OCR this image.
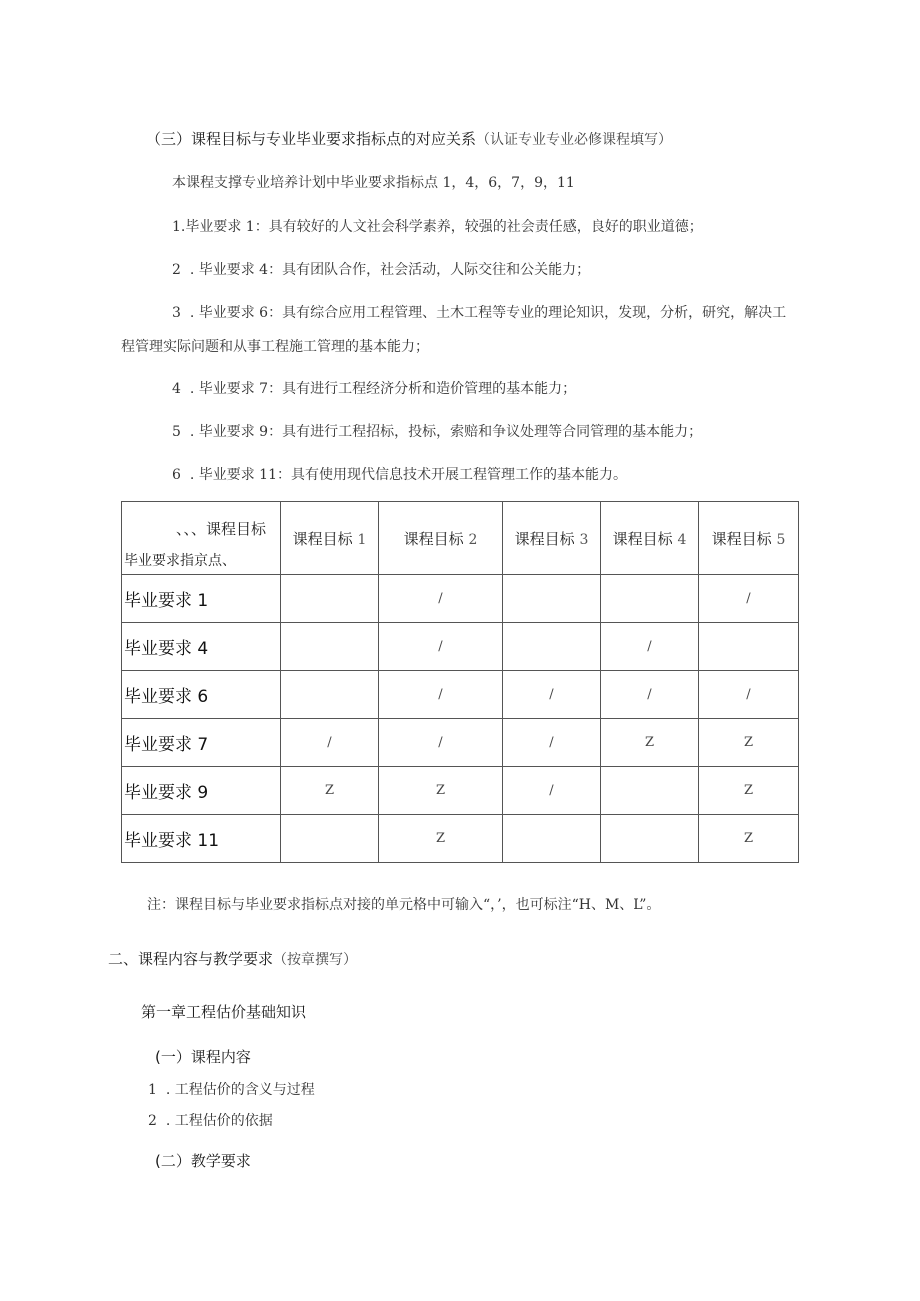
（三）课程目标与专业毕业要求指标点的对应关系（认证专业专业必修课程填写）
本课程支撑专业培养计划中毕业要求指标点 1，4，6，7，9，11
1.毕业要求 1：具有较好的人文社会科学素养，较强的社会责任感，良好的职业道德；
2 . 毕业要求 4：具有团队合作，社会活动，人际交往和公关能力；
3 . 毕业要求 6：具有综合应用工程管理、土木工程等专业的理论知识，发现，分析，研究，解决工
程管理实际问题和从事工程施工管理的基本能力；
4 . 毕业要求 7：具有进行工程经济分析和造价管理的基本能力；
5 . 毕业要求 9：具有进行工程招标，投标，索赔和争议处理等合同管理的基本能力；
6 . 毕业要求 11：具有使用现代信息技术开展工程管理工作的基本能力。
、、、课程目标
毕业要求指京点、	课程目标 1	课程目标 2	课程目标 3	课程目标 4	课程目标 5
毕业要求 1		/			/
毕业要求 4		/		/	
毕业要求 6		/	/	/	/
毕业要求 7	/	/	/	Z	Z
毕业要求 9	Z	Z	/		Z
毕业要求 11		Z			Z
注：课程目标与毕业要求指标点对接的单元格中可输入“，’，也可标注“H、M、L”。
二、课程内容与教学要求（按章撰写）
第一章工程估价基础知识
(一）课程内容
1 . 工程估价的含义与过程
2 . 工程估价的依据
(二）教学要求
